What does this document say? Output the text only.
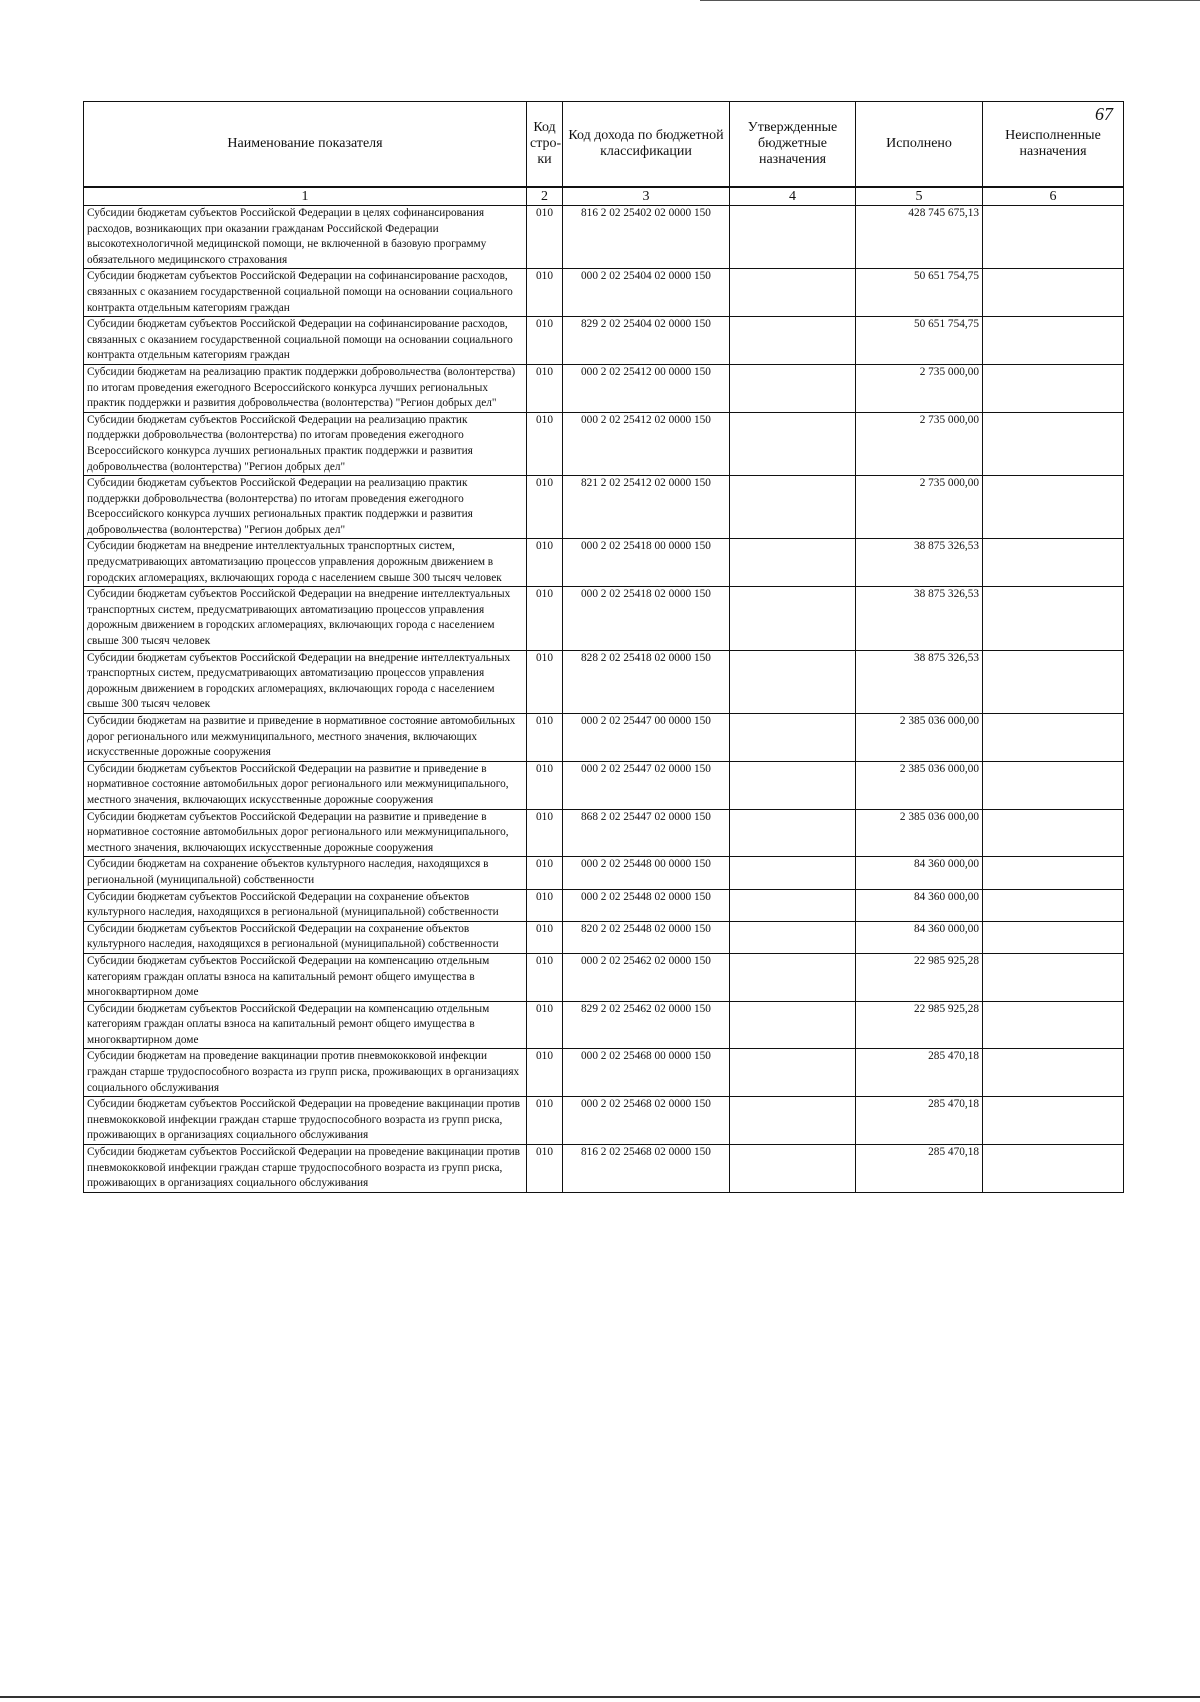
67
Наименование показателя	Код стро-ки	Код дохода по бюджетной классификации	Утвержденные бюджетные назначения	Исполнено	Неисполненные назначения
1	2	3	4	5	6
Субсидии бюджетам субъектов Российской Федерации в целях софинансирования расходов, возникающих при оказании гражданам Российской Федерации высокотехнологичной медицинской помощи, не включенной в базовую программу обязательного медицинского страхования	010	816 2 02 25402 02 0000 150		428 745 675,13	
Субсидии бюджетам субъектов Российской Федерации на софинансирование расходов, связанных с оказанием государственной социальной помощи на основании социального контракта отдельным категориям граждан	010	000 2 02 25404 02 0000 150		50 651 754,75	
Субсидии бюджетам субъектов Российской Федерации на софинансирование расходов, связанных с оказанием государственной социальной помощи на основании социального контракта отдельным категориям граждан	010	829 2 02 25404 02 0000 150		50 651 754,75	
Субсидии бюджетам на реализацию практик поддержки добровольчества (волонтерства) по итогам проведения ежегодного Всероссийского конкурса лучших региональных практик поддержки и развития добровольчества (волонтерства) "Регион добрых дел"	010	000 2 02 25412 00 0000 150		2 735 000,00	
Субсидии бюджетам субъектов Российской Федерации на реализацию практик поддержки добровольчества (волонтерства) по итогам проведения ежегодного Всероссийского конкурса лучших региональных практик поддержки и развития добровольчества (волонтерства) "Регион добрых дел"	010	000 2 02 25412 02 0000 150		2 735 000,00	
Субсидии бюджетам субъектов Российской Федерации на реализацию практик поддержки добровольчества (волонтерства) по итогам проведения ежегодного Всероссийского конкурса лучших региональных практик поддержки и развития добровольчества (волонтерства) "Регион добрых дел"	010	821 2 02 25412 02 0000 150		2 735 000,00	
Субсидии бюджетам на внедрение интеллектуальных транспортных систем, предусматривающих автоматизацию процессов управления дорожным движением в городских агломерациях, включающих города с населением свыше 300 тысяч человек	010	000 2 02 25418 00 0000 150		38 875 326,53	
Субсидии бюджетам субъектов Российской Федерации на внедрение интеллектуальных транспортных систем, предусматривающих автоматизацию процессов управления дорожным движением в городских агломерациях, включающих города с населением свыше 300 тысяч человек	010	000 2 02 25418 02 0000 150		38 875 326,53	
Субсидии бюджетам субъектов Российской Федерации на внедрение интеллектуальных транспортных систем, предусматривающих автоматизацию процессов управления дорожным движением в городских агломерациях, включающих города с населением свыше 300 тысяч человек	010	828 2 02 25418 02 0000 150		38 875 326,53	
Субсидии бюджетам на развитие и приведение в нормативное состояние автомобильных дорог регионального или межмуниципального, местного значения, включающих искусственные дорожные сооружения	010	000 2 02 25447 00 0000 150		2 385 036 000,00	
Субсидии бюджетам субъектов Российской Федерации на развитие и приведение в нормативное состояние автомобильных дорог регионального или межмуниципального, местного значения, включающих искусственные дорожные сооружения	010	000 2 02 25447 02 0000 150		2 385 036 000,00	
Субсидии бюджетам субъектов Российской Федерации на развитие и приведение в нормативное состояние автомобильных дорог регионального или межмуниципального, местного значения, включающих искусственные дорожные сооружения	010	868 2 02 25447 02 0000 150		2 385 036 000,00	
Субсидии бюджетам на сохранение объектов культурного наследия, находящихся в региональной (муниципальной) собственности	010	000 2 02 25448 00 0000 150		84 360 000,00	
Субсидии бюджетам субъектов Российской Федерации на сохранение объектов культурного наследия, находящихся в региональной (муниципальной) собственности	010	000 2 02 25448 02 0000 150		84 360 000,00	
Субсидии бюджетам субъектов Российской Федерации на сохранение объектов культурного наследия, находящихся в региональной (муниципальной) собственности	010	820 2 02 25448 02 0000 150		84 360 000,00	
Субсидии бюджетам субъектов Российской Федерации на компенсацию отдельным категориям граждан оплаты взноса на капитальный ремонт общего имущества в многоквартирном доме	010	000 2 02 25462 02 0000 150		22 985 925,28	
Субсидии бюджетам субъектов Российской Федерации на компенсацию отдельным категориям граждан оплаты взноса на капитальный ремонт общего имущества в многоквартирном доме	010	829 2 02 25462 02 0000 150		22 985 925,28	
Субсидии бюджетам на проведение вакцинации против пневмококковой инфекции граждан старше трудоспособного возраста из групп риска, проживающих в организациях социального обслуживания	010	000 2 02 25468 00 0000 150		285 470,18	
Субсидии бюджетам субъектов Российской Федерации на проведение вакцинации против пневмококковой инфекции граждан старше трудоспособного возраста из групп риска, проживающих в организациях социального обслуживания	010	000 2 02 25468 02 0000 150		285 470,18	
Субсидии бюджетам субъектов Российской Федерации на проведение вакцинации против пневмококковой инфекции граждан старше трудоспособного возраста из групп риска, проживающих в организациях социального обслуживания	010	816 2 02 25468 02 0000 150		285 470,18	
